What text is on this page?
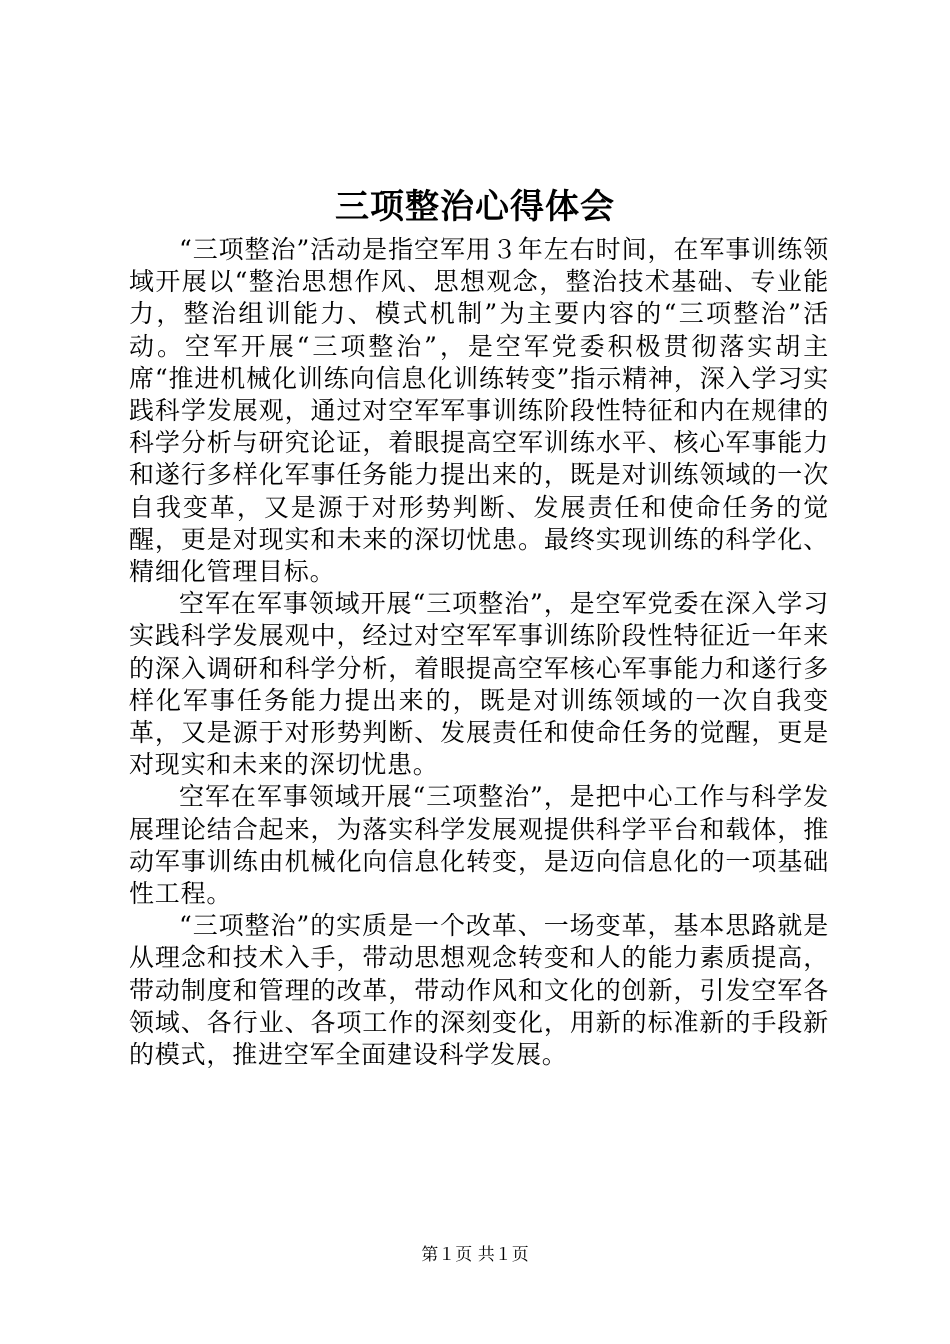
三项整治心得体会

“三项整治”活动是指空军用３年左右时间，在军事训练领域开展以“整治思想作风、思想观念，整治技术基础、专业能力，整治组训能力、模式机制”为主要内容的“三项整治”活动。空军开展“三项整治”，是空军党委积极贯彻落实胡主席“推进机械化训练向信息化训练转变”指示精神，深入学习实践科学发展观，通过对空军军事训练阶段性特征和内在规律的科学分析与研究论证，着眼提高空军训练水平、核心军事能力和遂行多样化军事任务能力提出来的，既是对训练领域的一次自我变革，又是源于对形势判断、发展责任和使命任务的觉醒，更是对现实和未来的深切忧患。最终实现训练的科学化、精细化管理目标。

空军在军事领域开展“三项整治”，是空军党委在深入学习实践科学发展观中，经过对空军军事训练阶段性特征近一年来的深入调研和科学分析，着眼提高空军核心军事能力和遂行多样化军事任务能力提出来的，既是对训练领域的一次自我变革，又是源于对形势判断、发展责任和使命任务的觉醒，更是对现实和未来的深切忧患。

空军在军事领域开展“三项整治”，是把中心工作与科学发展理论结合起来，为落实科学发展观提供科学平台和载体，推动军事训练由机械化向信息化转变，是迈向信息化的一项基础性工程。

“三项整治”的实质是一个改革、一场变革，基本思路就是从理念和技术入手，带动思想观念转变和人的能力素质提高，带动制度和管理的改革，带动作风和文化的创新，引发空军各领域、各行业、各项工作的深刻变化，用新的标准新的手段新的模式，推进空军全面建设科学发展。

第１页 共１页
